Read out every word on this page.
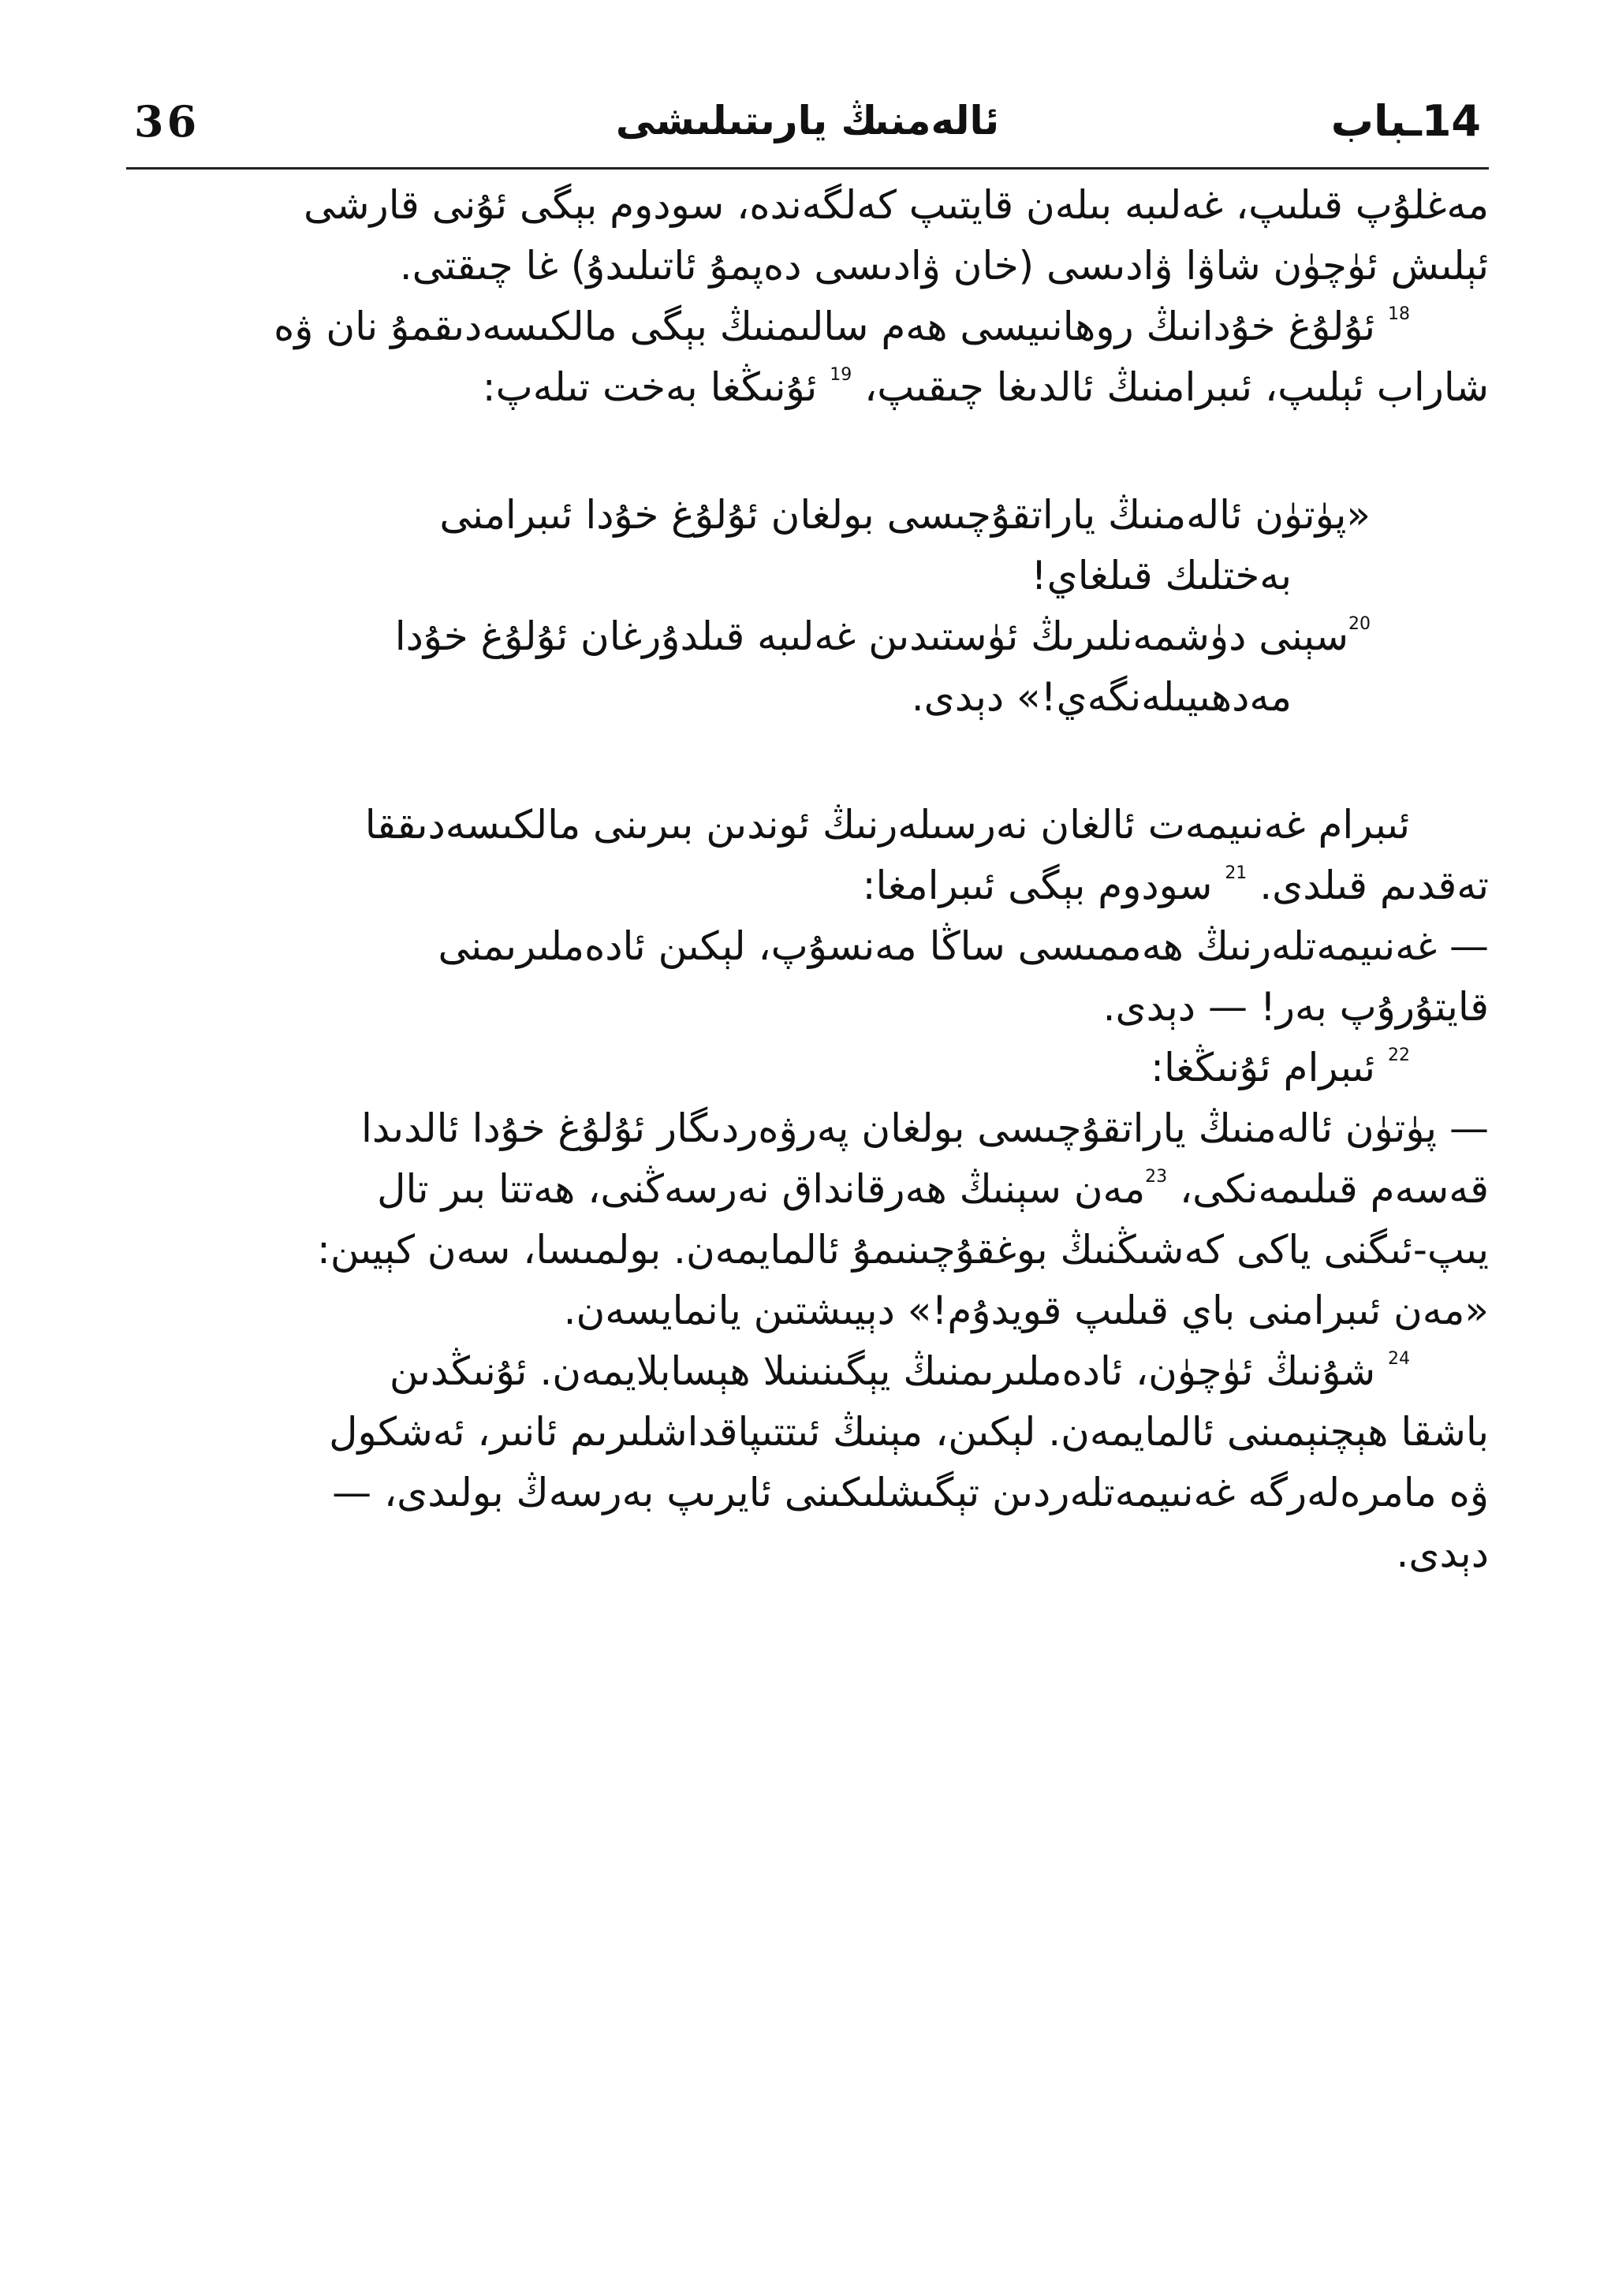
36	ئالەمنىڭ يارىتىلىشى	14ـباب

مەغلۇپ قىلىپ، غەلىبە بىلەن قايتىپ كەلگەندە، سودوم بېگى ئۇنى قارشى

ئېلىش ئۈچۈن شاۋا ۋادىسى (خان ۋادىسى دەپمۇ ئاتىلىدۇ) غا چىقتى.

$^{18}$ ئۇلۇغ خۇدانىڭ روھانىيسى ھەم سالىمنىڭ بېگى مالكىسەدىقمۇ نان ۋە

شاراب ئېلىپ، ئىبرامنىڭ ئالدىغا چىقىپ، $^{19}$ ئۇنىڭغا بەخت تىلەپ:

«پۈتۈن ئالەمنىڭ ياراتقۇچىسى بولغان ئۇلۇغ خۇدا ئىبرامنى

بەختلىك قىلغاي!

$^{20}$سېنى دۈشمەنلىرىڭ ئۈستىدىن غەلىبە قىلدۇرغان ئۇلۇغ خۇدا

مەدھىيىلەنگەي!» دېدى.

ئىبرام غەنىيمەت ئالغان نەرسىلەرنىڭ ئوندىن بىرىنى مالكىسەدىققا

تەقدىم قىلدى. $^{21}$ سودوم بېگى ئىبرامغا:

— غەنىيمەتلەرنىڭ ھەممىسى ساڭا مەنسۇپ، لېكىن ئادەملىرىمنى

قايتۇرۇپ بەر! — دېدى.

$^{22}$ ئىبرام ئۇنىڭغا:

— پۈتۈن ئالەمنىڭ ياراتقۇچىسى بولغان پەرۋەردىگار ئۇلۇغ خۇدا ئالدىدا

قەسەم قىلىمەنكى، $^{23}$مەن سېنىڭ ھەرقانداق نەرسەڭنى، ھەتتا بىر تال

يىپ-ئىگنى ياكى كەشىڭنىڭ بوغقۇچىنىمۇ ئالمايمەن. بولمىسا، سەن كېيىن:

«مەن ئىبرامنى باي قىلىپ قويدۇم!» دېيىشتىن يانمايسەن.

$^{24}$ شۇنىڭ ئۈچۈن، ئادەملىرىمنىڭ يېگىنىنىلا ھېسابلايمەن. ئۇنىڭدىن

باشقا ھېچنېمىنى ئالمايمەن. لېكىن، مېنىڭ ئىتتىپاقداشلىرىم ئانىر، ئەشكول

ۋە مامرەلەرگە غەنىيمەتلەردىن تېگىشلىكىنى ئايرىپ بەرسەڭ بولىدى، —

دېدى.
